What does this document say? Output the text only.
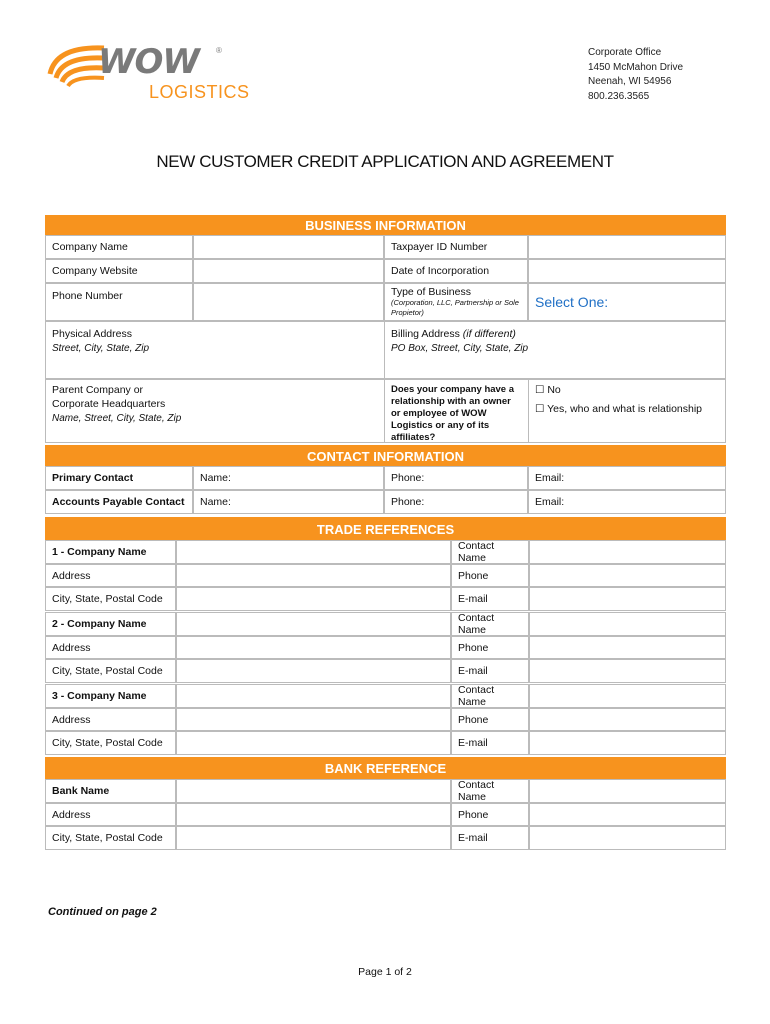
WOW ®
LOGISTICS
Corporate Office
1450 McMahon Drive
Neenah, WI 54956
800.236.3565
NEW CUSTOMER CREDIT APPLICATION AND AGREEMENT
BUSINESS INFORMATION
Company Name	Taxpayer ID Number
Company Website	Date of Incorporation
Phone Number	Type of Business
(Corporation, LLC, Partnership or Sole Propietor)
Select One:
Physical Address
Street, City, State, Zip
Billing Address (if different)
PO Box, Street, City, State, Zip
Parent Company or
Corporate Headquarters
Name, Street, City, State, Zip
Does your company have a relationship with an owner or employee of WOW Logistics or any of its affiliates?
☐ No
☐ Yes, who and what is relationship
CONTACT INFORMATION
Primary Contact	Name:	Phone:	Email:
Accounts Payable Contact Name:	Phone:	Email:
TRADE REFERENCES
1 - Company Name	Contact Name
Address	Phone
City, State, Postal Code	E-mail
2 - Company Name	Contact Name
Address	Phone
City, State, Postal Code	E-mail
3 - Company Name	Contact Name
Address	Phone
City, State, Postal Code	E-mail
BANK REFERENCE
Bank Name	Contact Name
Address	Phone
City, State, Postal Code	E-mail
Continued on page 2
Page 1 of 2
